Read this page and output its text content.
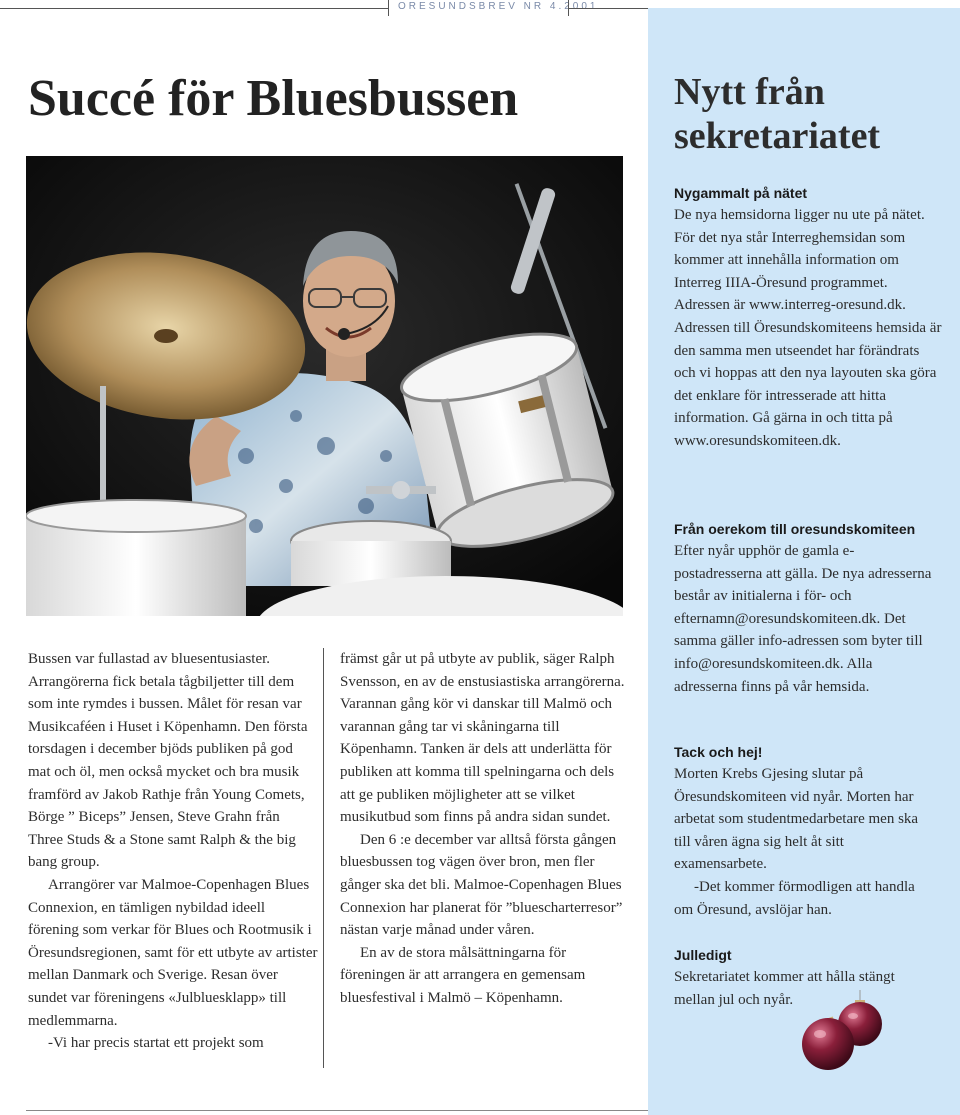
ORESUNDSBREV NR 4.2001
Succé för Bluesbussen

Bussen var fullastad av bluesentusiaster. Arrangörerna fick betala tågbiljetter till dem som inte rymdes i bussen. Målet för resan var Musikcaféen i Huset i Köpenhamn. Den första torsdagen i december bjöds publiken på god mat och öl, men också mycket och bra musik framförd av Jakob Rathje från Young Comets, Börge ” Biceps” Jensen, Steve Grahn från Three Studs & a Stone samt Ralph & the big bang group.

Arrangörer var Malmoe-Copenhagen Blues Connexion, en tämligen nybildad ideell förening som verkar för Blues och Rootmusik i Öresundsregionen, samt för ett utbyte av artister mellan Danmark och Sverige. Resan över sundet var föreningens «Julbluesklapp» till medlemmarna.

-Vi har precis startat ett projekt som

främst går ut på utbyte av publik, säger Ralph Svensson, en av de enstusiastiska arrangörerna. Varannan gång kör vi danskar till Malmö och varannan gång tar vi skåningarna till Köpenhamn. Tanken är dels att underlätta för publiken att komma till spelningarna och dels att ge publiken möjligheter att se vilket musikutbud som finns på andra sidan sundet.

Den 6 :e december var alltså första gången bluesbussen tog vägen över bron, men fler gånger ska det bli. Malmoe-Copenhagen Blues Connexion har planerat för ”bluescharterresor” nästan varje månad under våren.

En av de stora målsättningarna för föreningen är att arrangera en gemensam bluesfestival i Malmö – Köpenhamn.

Nytt från sekretariatet
Nygammalt på nätet

De nya hemsidorna ligger nu ute på nätet. För det nya står Interreghemsidan som kommer att innehålla information om Interreg IIIA-Öresund programmet. Adressen är www.interreg-oresund.dk. Adressen till Öresundskomiteens hemsida är den samma men utseendet har förändrats och vi hoppas att den nya layouten ska göra det enklare för intresserade att hitta information. Gå gärna in och titta på www.oresundskomiteen.dk.

Från oerekom till oresundskomiteen

Efter nyår upphör de gamla e-postadresserna att gälla. De nya adresserna består av initialerna i för- och efternamn@oresundskomiteen.dk. Det samma gäller info-adressen som byter till info@oresundskomiteen.dk. Alla adresserna finns på vår hemsida.

Tack och hej!

Morten Krebs Gjesing slutar på Öresundskomiteen vid nyår. Morten har arbetat som studentmedarbetare men ska till våren ägna sig helt åt sitt examensarbete.

-Det kommer förmodligen att handla om Öresund, avslöjar han.

Julledigt

Sekretariatet kommer att hålla stängt mellan jul och nyår.
